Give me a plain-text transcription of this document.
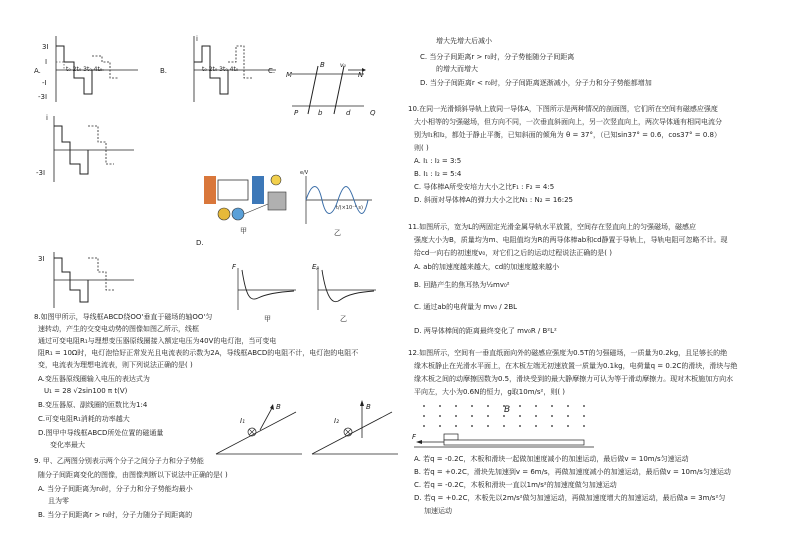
A.
3I
I
-I
-3I
t₀ 2t₀ 3t₀ 4t₀	B.
i
t₀ 2t₀ 3t₀ 4t₀	C. M	N
B	v₀
P	b	d	Q
i
-3I
甲
D.
e/V
t/(×10⁻² s)
乙
3I
F
甲
Eₚ
乙
8.如图甲所示，导线框ABCD绕OO'垂直于磁场的轴OO'匀
速转动，产生的交变电动势的图像如图乙所示，线框
通过可变电阻R₁与理想变压器原线圈接入额定电压为40V的电灯泡，当可变电
阻R₁ = 10Ω时，电灯泡恰好正常发光且电流表的示数为2A，导线框ABCD的电阻不计，电灯泡的电阻不
变，电流表为理想电流表，则下列说法正确的是( )
A.变压器原线圈输入电压的表达式为
U₁ = 28 √2sin100 π t(V)
B.变压器原、副线圈的匝数比为1:4
C.可变电阻R₁消耗的功率越大
D.图甲中导线框ABCD所处位置的磁通量
变化率最大
I₁
B
I₂
B
9. 甲、乙两图分别表示两个分子之间分子力和分子势能
随分子间距离变化的图像，由图像判断以下说法中正确的是( )
A. 当分子间距离为r₀时，分子力和分子势能均最小
且为零
B. 当分子间距离r > r₀时，分子力随分子间距离的
增大先增大后减小
C. 当分子间距离r > r₀时，分子势能随分子间距离
的增大而增大
D. 当分子间距离r < r₀时，分子间距离逐渐减小，分子力和分子势能都增加
10.在同一光滑倾斜导轨上放同一导体A，下图所示是两种情况的剖面图，它们所在空间有磁感应强度
大小相等的匀强磁场，但方向不同，一次垂直斜面向上，另一次竖直向上，两次导体通有相同电流分
别为I₁和I₂，都处于静止平衡，已知斜面的倾角为 θ = 37°，（已知sin37° = 0.6，cos37° = 0.8）
则( )
A. I₁ : I₂ = 3:5
B. I₁ : I₂ = 5:4
C. 导体棒A所受安培力大小之比F₁ : F₂ = 4:5
D. 斜面对导体棒A的弹力大小之比N₁ : N₂ = 16:25
11.如图所示，宽为L的两固定光滑金属导轨水平放置，空间存在竖直向上的匀强磁场，磁感应
强度大小为B，质量均为m、电阻值均为R的两导体棒ab和cd静置于导轨上，导轨电阻可忽略不计。现
给cd一向右的初速度v₀，对它们之后的运动过程说法正确的是( )
A. ab的加速度越来越大，cd的加速度越来越小
B. 回路产生的焦耳热为½mv₀²
C. 通过ab的电荷量为 mv₀ / 2BL
D. 两导体棒间的距离最终变化了 mv₀R / B²L²
12.如图所示，空间有一垂直纸面向外的磁感应强度为0.5T的匀强磁场，一质量为0.2kg，且足够长的绝
缘木板静止在光滑水平面上，在木板左端无初速放置一质量为0.1kg，电荷量q = 0.2C的滑块，滑块与绝
缘木板之间的动摩擦因数为0.5，滑块受到的最大静摩擦力可认为等于滑动摩擦力。现对木板施加方向水
平向左，大小为0.6N的恒力，g取10m/s²，则( )
B
F
A. 若q = -0.2C，木板和滑块一起做加速度减小的加速运动，最后做v = 10m/s匀速运动
B. 若q = +0.2C，滑块先加速到v = 6m/s，再做加速度减小的加速运动，最后做v = 10m/s匀速运动
C. 若q = -0.2C，木板和滑块一直以1m/s²的加速度做匀加速运动
D. 若q = +0.2C，木板先以2m/s²做匀加速运动，再做加速度增大的加速运动，最后做a = 3m/s²匀
加速运动
